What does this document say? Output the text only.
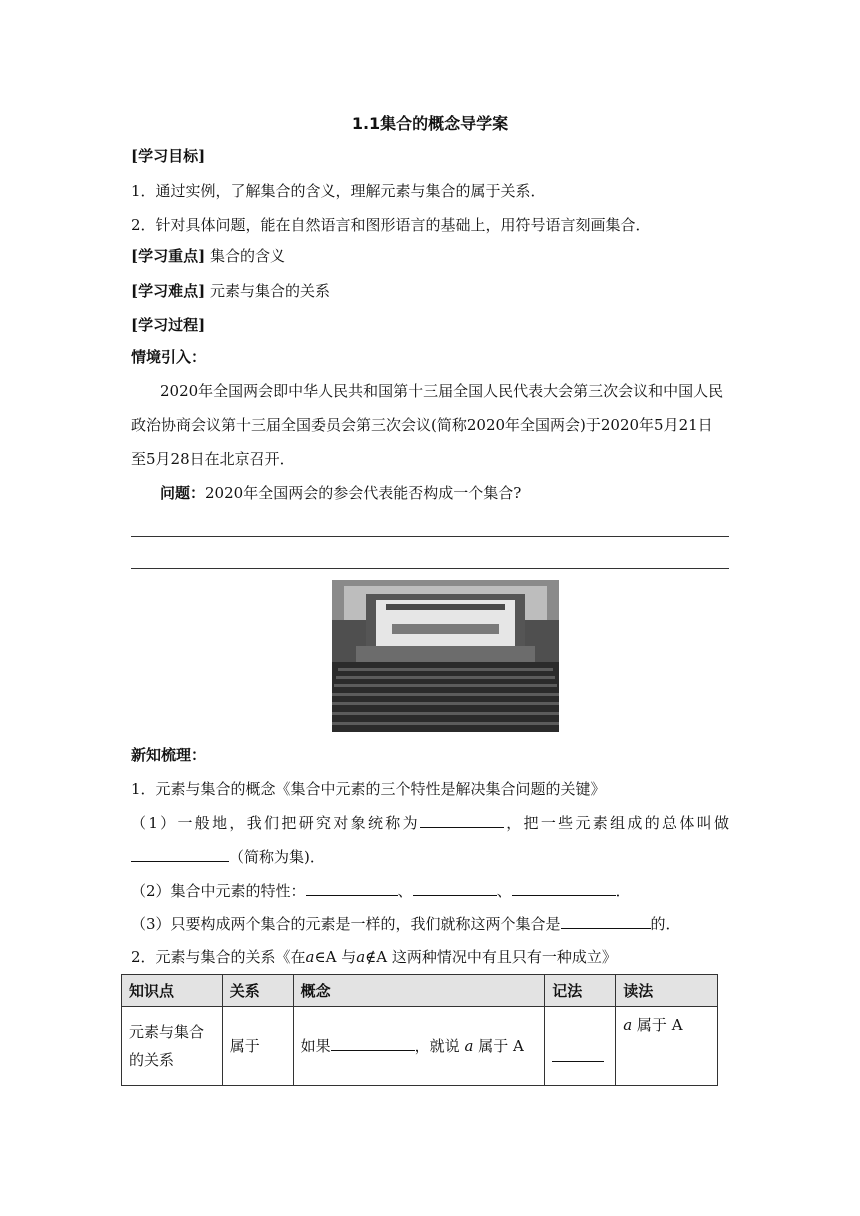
1.1集合的概念导学案
[学习目标]
1．通过实例，了解集合的含义，理解元素与集合的属于关系．
2．针对具体问题，能在自然语言和图形语言的基础上，用符号语言刻画集合．
[学习重点] 集合的含义
[学习难点] 元素与集合的关系
[学习过程]
情境引入：
2020年全国两会即中华人民共和国第十三届全国人民代表大会第三次会议和中国人民
政治协商会议第十三届全国委员会第三次会议(简称2020年全国两会)于2020年5月21日
至5月28日在北京召开．
问题：2020年全国两会的参会代表能否构成一个集合?
新知梳理：
1．元素与集合的概念《集合中元素的三个特性是解决集合问题的关键》
（1）一般地，我们把研究对象统称为	，把一些元素组成的总体叫做
（简称为集)．
（2）集合中元素的特性：	、	、	．
（3）只要构成两个集合的元素是一样的，我们就称这两个集合是	的．
2．元素与集合的关系《在a∈A 与a∉A 这两种情况中有且只有一种成立》
知识点	关系	概念	记法	读法

元素与集合
的关系	属于	如果 ，就说 a 属于 A		a 属于 A
